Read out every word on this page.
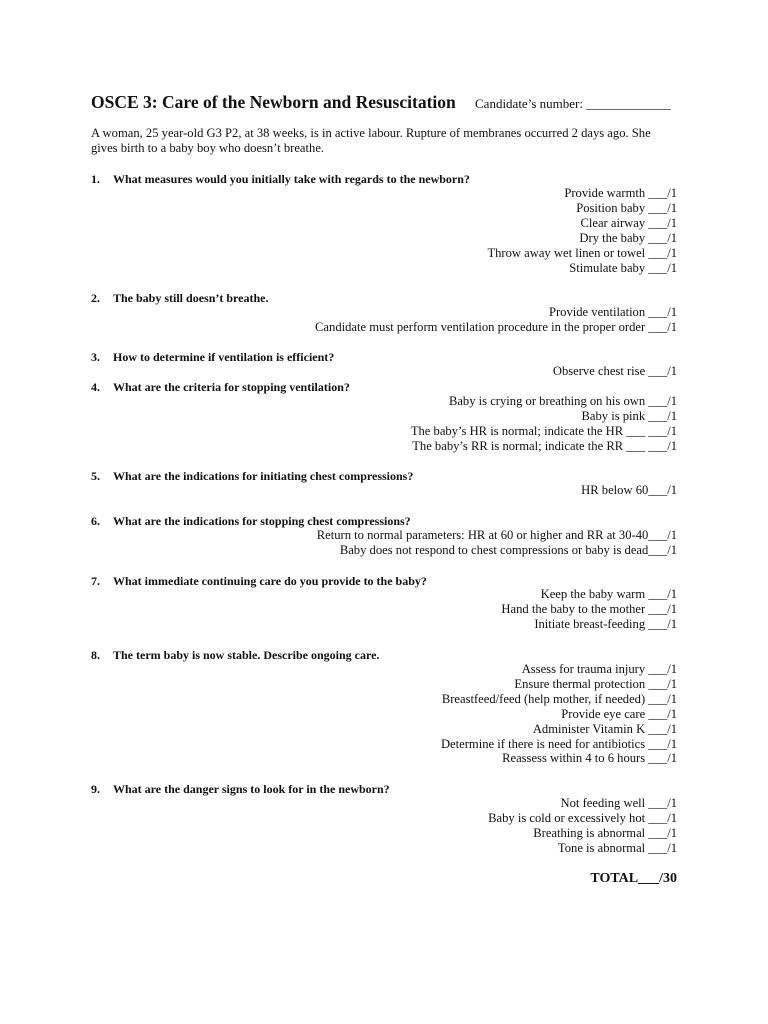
OSCE 3: Care of the Newborn and Resuscitation Candidate’s number: _____________
A woman, 25 year-old G3 P2, at 38 weeks, is in active labour. Rupture of membranes occurred 2 days ago. She
gives birth to a baby boy who doesn’t breathe.
1. What measures would you initially take with regards to the newborn?
Provide warmth ___/1
Position baby ___/1
Clear airway ___/1
Dry the baby ___/1
Throw away wet linen or towel ___/1
Stimulate baby ___/1
2. The baby still doesn’t breathe.
Provide ventilation ___/1
Candidate must perform ventilation procedure in the proper order ___/1
3. How to determine if ventilation is efficient?
Observe chest rise ___/1
4. What are the criteria for stopping ventilation?
Baby is crying or breathing on his own ___/1
Baby is pink ___/1
The baby’s HR is normal; indicate the HR ___ ___/1
The baby’s RR is normal; indicate the RR ___ ___/1
5. What are the indications for initiating chest compressions?
HR below 60___/1
6. What are the indications for stopping chest compressions?
Return to normal parameters: HR at 60 or higher and RR at 30-40___/1
Baby does not respond to chest compressions or baby is dead___/1
7. What immediate continuing care do you provide to the baby?
Keep the baby warm ___/1
Hand the baby to the mother ___/1
Initiate breast-feeding ___/1
8. The term baby is now stable. Describe ongoing care.
Assess for trauma injury ___/1
Ensure thermal protection ___/1
Breastfeed/feed (help mother, if needed) ___/1
Provide eye care ___/1
Administer Vitamin K ___/1
Determine if there is need for antibiotics ___/1
Reassess within 4 to 6 hours ___/1
9. What are the danger signs to look for in the newborn?
Not feeding well ___/1
Baby is cold or excessively hot ___/1
Breathing is abnormal ___/1
Tone is abnormal ___/1
TOTAL___/30
